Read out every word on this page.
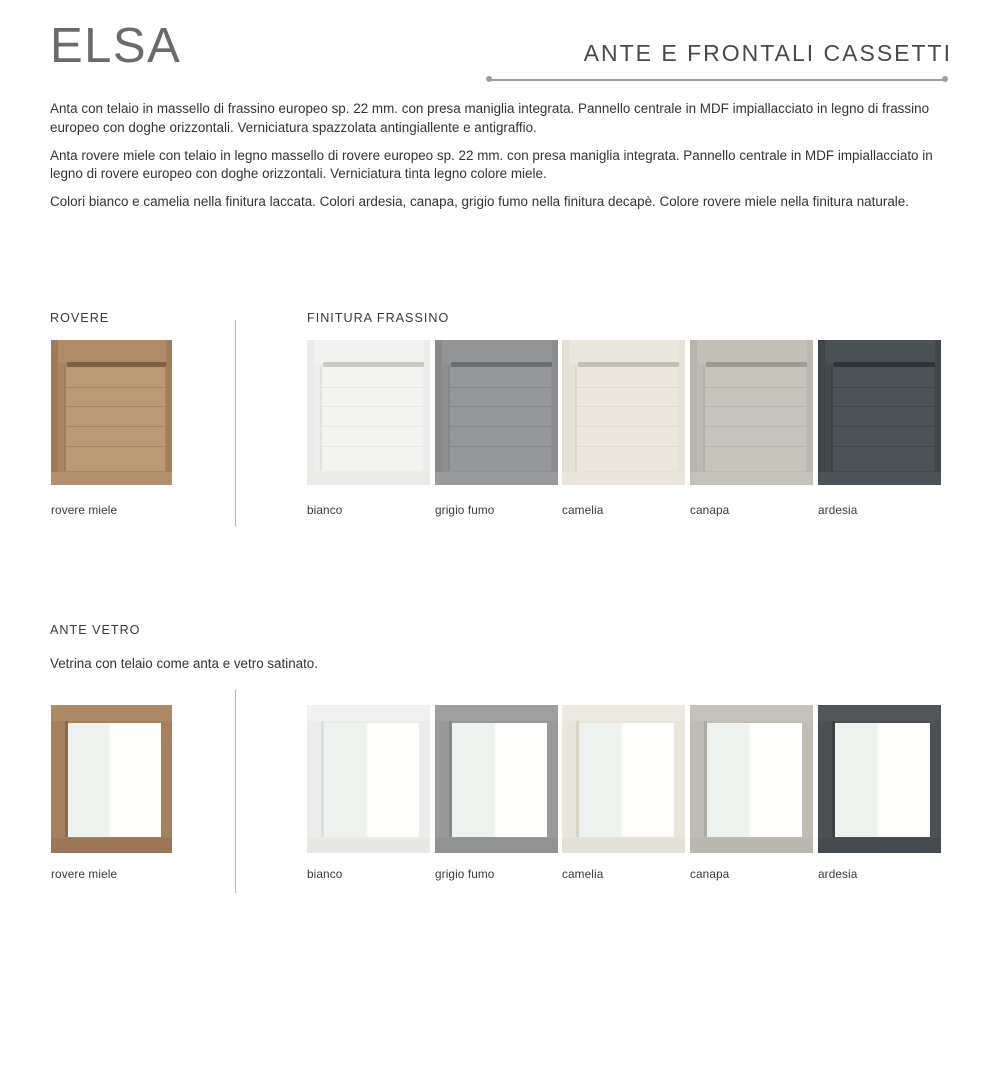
ELSA	ANTE E FRONTALI CASSETTI

Anta con telaio in massello di frassino europeo sp. 22 mm. con presa maniglia integrata. Pannello centrale in MDF impiallacciato in legno di frassino europeo con doghe orizzontali. Verniciatura spazzolata antingiallente e antigraffio.

Anta rovere miele con telaio in legno massello di rovere europeo sp. 22 mm. con presa maniglia integrata. Pannello centrale in MDF impiallacciato in legno di rovere europeo con doghe orizzontali. Verniciatura tinta legno colore miele.

Colori bianco e camelia nella finitura laccata. Colori ardesia, canapa, grigio fumo nella finitura decapè. Colore rovere miele nella finitura naturale.

ROVERE	FINITURA FRASSINO
rovere miele	bianco	grigio fumo	camelia	canapa	ardesia
ANTE VETRO
Vetrina con telaio come anta e vetro satinato.
rovere miele	bianco	grigio fumo	camelia	canapa	ardesia
